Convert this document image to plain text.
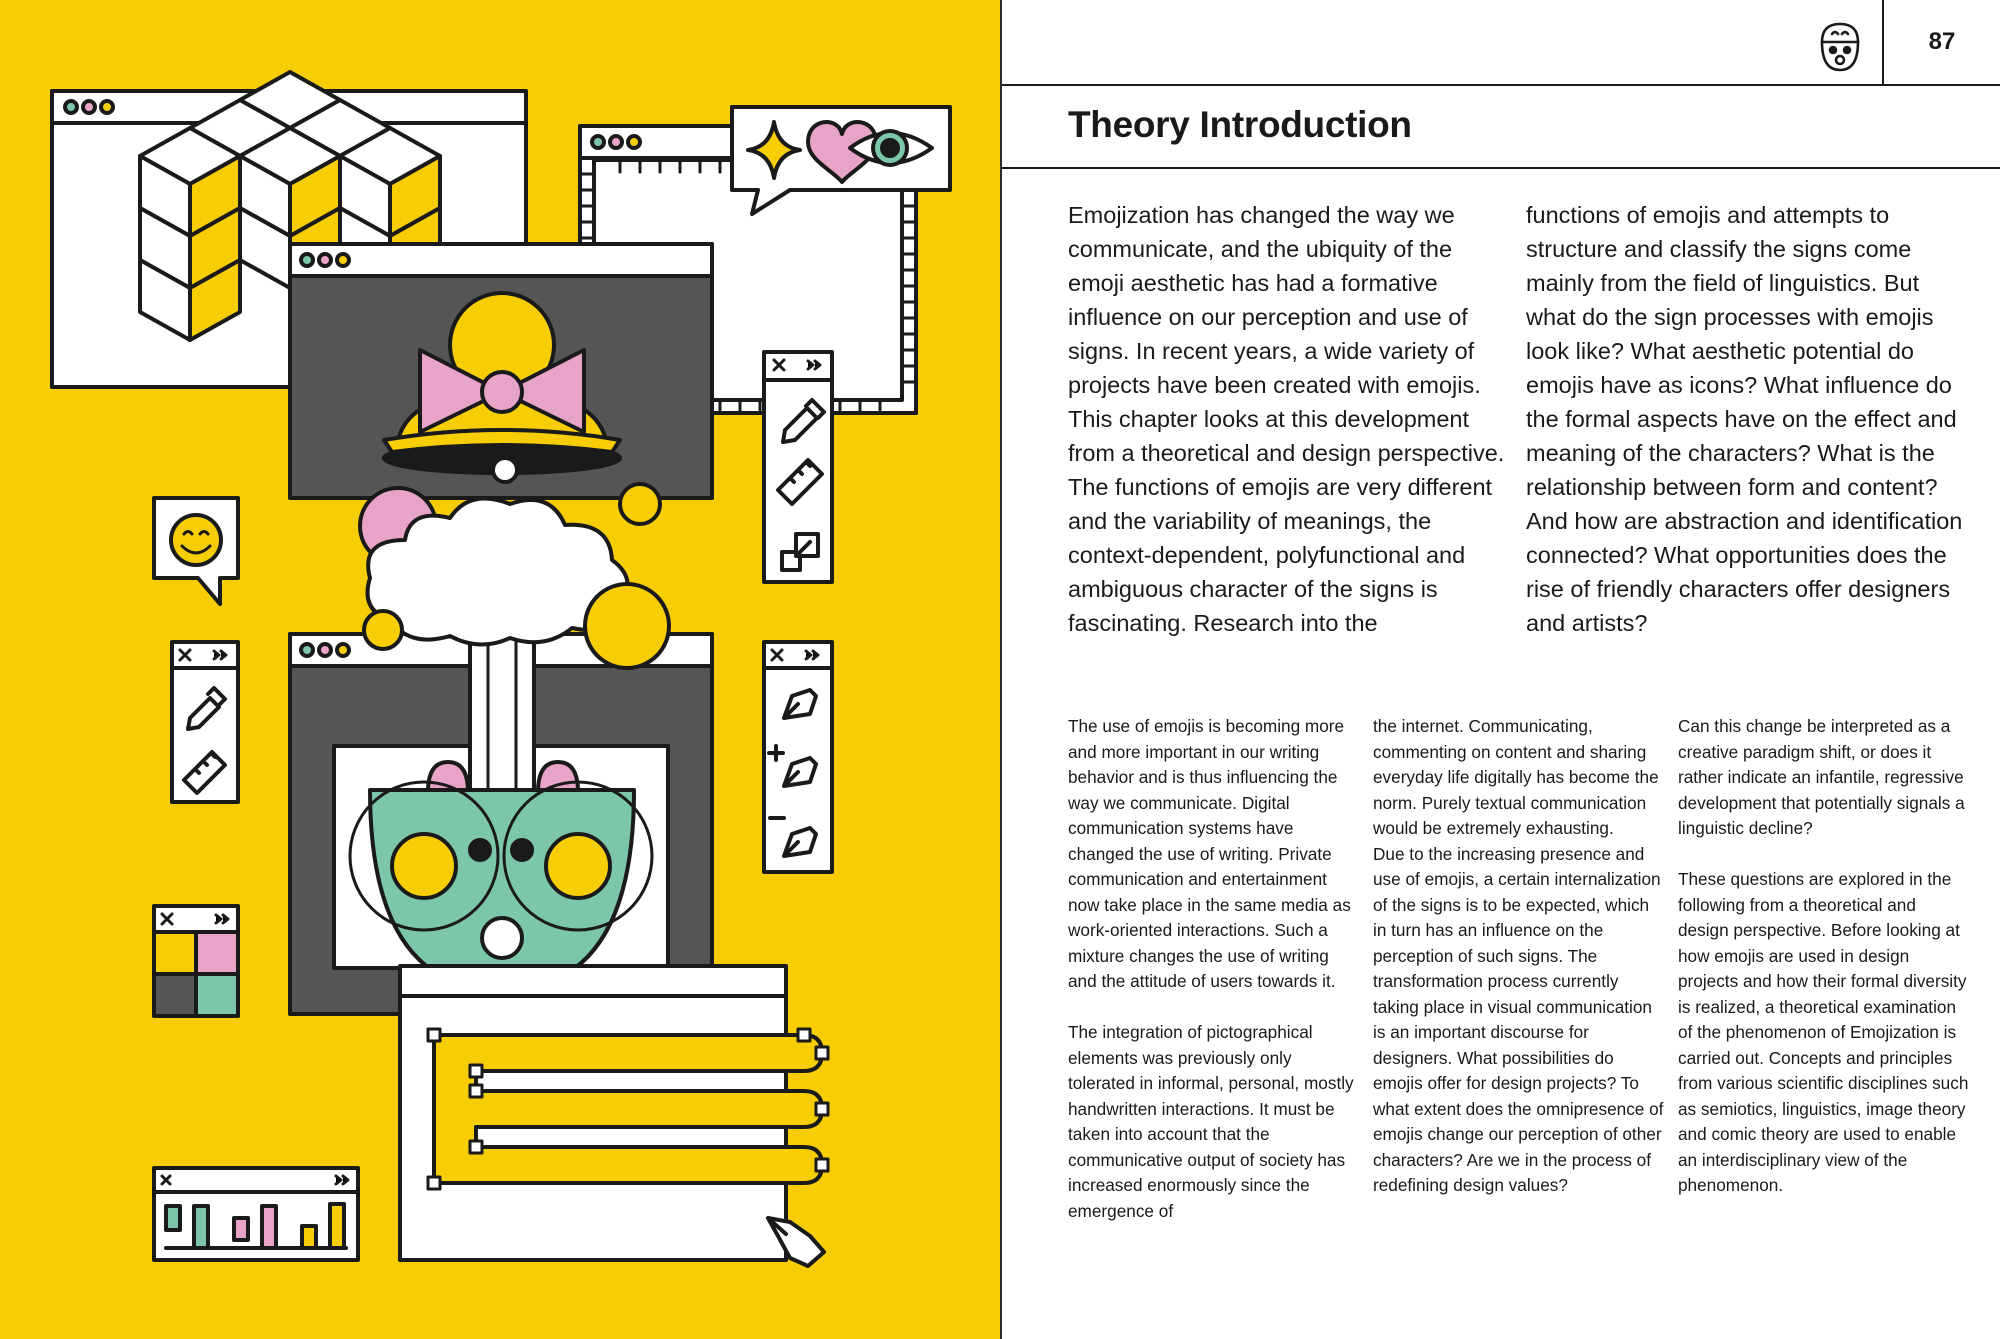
87
Theory Introduction

Emojization has changed the way we communicate, and the ubiquity of the emoji aesthetic has had a formative influence on our perception and use of signs. In recent years, a wide variety of projects have been created with emojis. This chapter looks at this development from a theoretical and design perspective.

The functions of emojis are very different and the variability of meanings, the context-dependent, polyfunctional and ambiguous character of the signs is fascinating. Research into the

functions of emojis and attempts to structure and classify the signs come mainly from the field of linguistics. But what do the sign processes with emojis look like? What aesthetic potential do emojis have as icons? What influence do the formal aspects have on the effect and meaning of the characters? What is the relationship between form and content? And how are abstraction and identification connected? What opportunities does the rise of friendly characters offer designers and artists?

The use of emojis is becoming more and more important in our writing behavior and is thus influencing the way we communicate. Digital communication systems have changed the use of writing. Private communication and entertainment now take place in the same media as work-oriented interactions. Such a mixture changes the use of writing and the attitude of users towards it.

The integration of pictographical elements was previously only tolerated in informal, personal, mostly handwritten interactions. It must be taken into account that the communicative output of society has increased enormously since the emergence of

the internet. Communicating, commenting on content and sharing everyday life digitally has become the norm. Purely textual communication would be extremely exhausting.

Due to the increasing presence and use of emojis, a certain internalization of the signs is to be expected, which in turn has an influence on the perception of such signs. The transformation process currently taking place in visual communication is an important discourse for designers. What possibilities do emojis offer for design projects? To what extent does the omnipresence of emojis change our perception of other characters? Are we in the process of redefining design values?

Can this change be interpreted as a creative paradigm shift, or does it rather indicate an infantile, regressive development that potentially signals a linguistic decline?

These questions are explored in the following from a theoretical and design perspective. Before looking at how emojis are used in design projects and how their formal diversity is realized, a theoretical examination of the phenomenon of Emojization is carried out. Concepts and principles from various scientific disciplines such as semiotics, linguistics, image theory and comic theory are used to enable an interdisciplinary view of the phenomenon.
